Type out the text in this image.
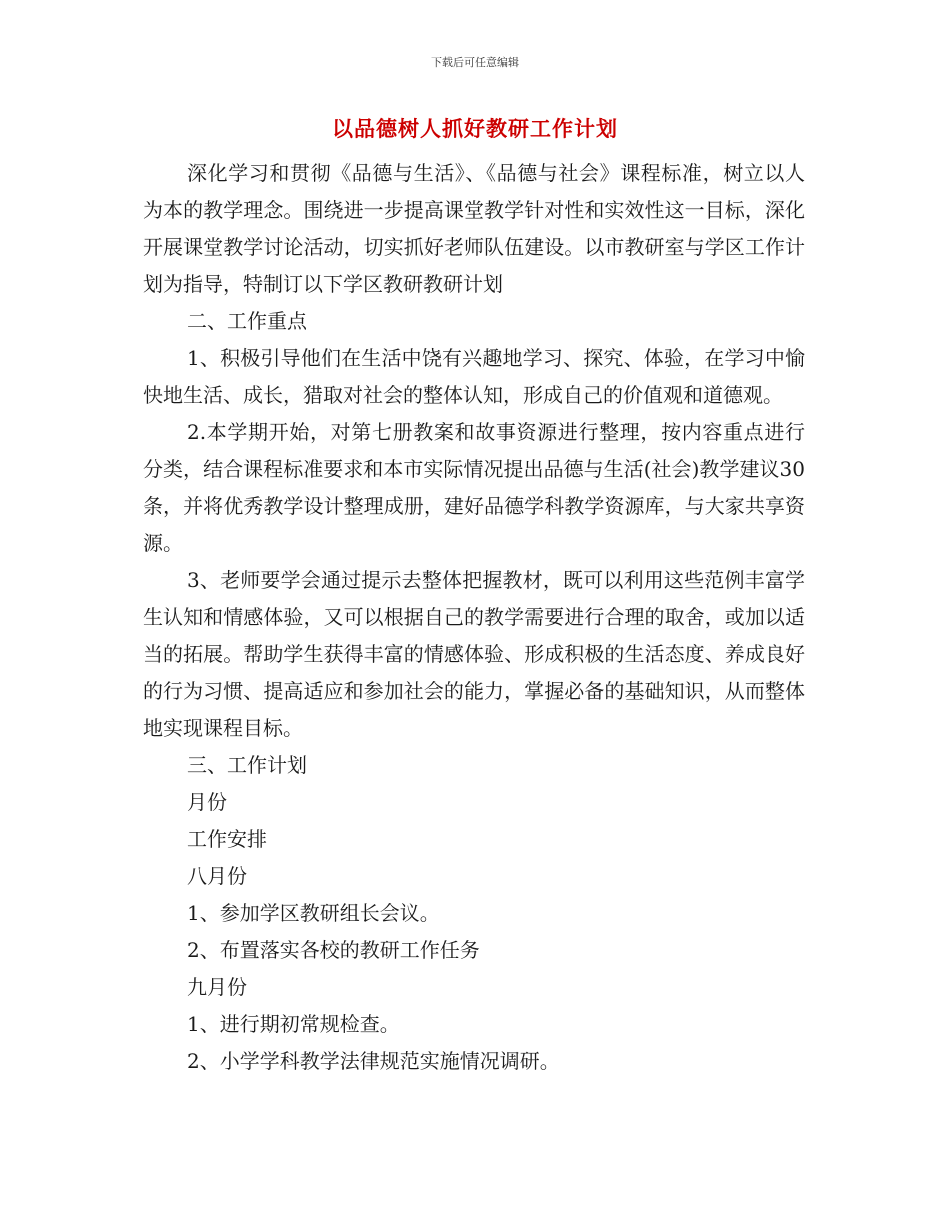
下载后可任意编辑
以品德树人抓好教研工作计划

深化学习和贯彻《品德与生活》、《品德与社会》课程标准，树立以人为本的教学理念。围绕进一步提高课堂教学针对性和实效性这一目标，深化开展课堂教学讨论活动，切实抓好老师队伍建设。以市教研室与学区工作计划为指导，特制订以下学区教研教研计划

二、工作重点

1、积极引导他们在生活中饶有兴趣地学习、探究、体验，在学习中愉快地生活、成长，猎取对社会的整体认知，形成自己的价值观和道德观。

2.本学期开始，对第七册教案和故事资源进行整理，按内容重点进行分类，结合课程标准要求和本市实际情况提出品德与生活(社会)教学建议30条，并将优秀教学设计整理成册，建好品德学科教学资源库，与大家共享资源。

3、老师要学会通过提示去整体把握教材，既可以利用这些范例丰富学生认知和情感体验，又可以根据自己的教学需要进行合理的取舍，或加以适当的拓展。帮助学生获得丰富的情感体验、形成积极的生活态度、养成良好的行为习惯、提高适应和参加社会的能力，掌握必备的基础知识，从而整体地实现课程目标。

三、工作计划

月份

工作安排

八月份

1、参加学区教研组长会议。

2、布置落实各校的教研工作任务

九月份

1、进行期初常规检查。

2、小学学科教学法律规范实施情况调研。
